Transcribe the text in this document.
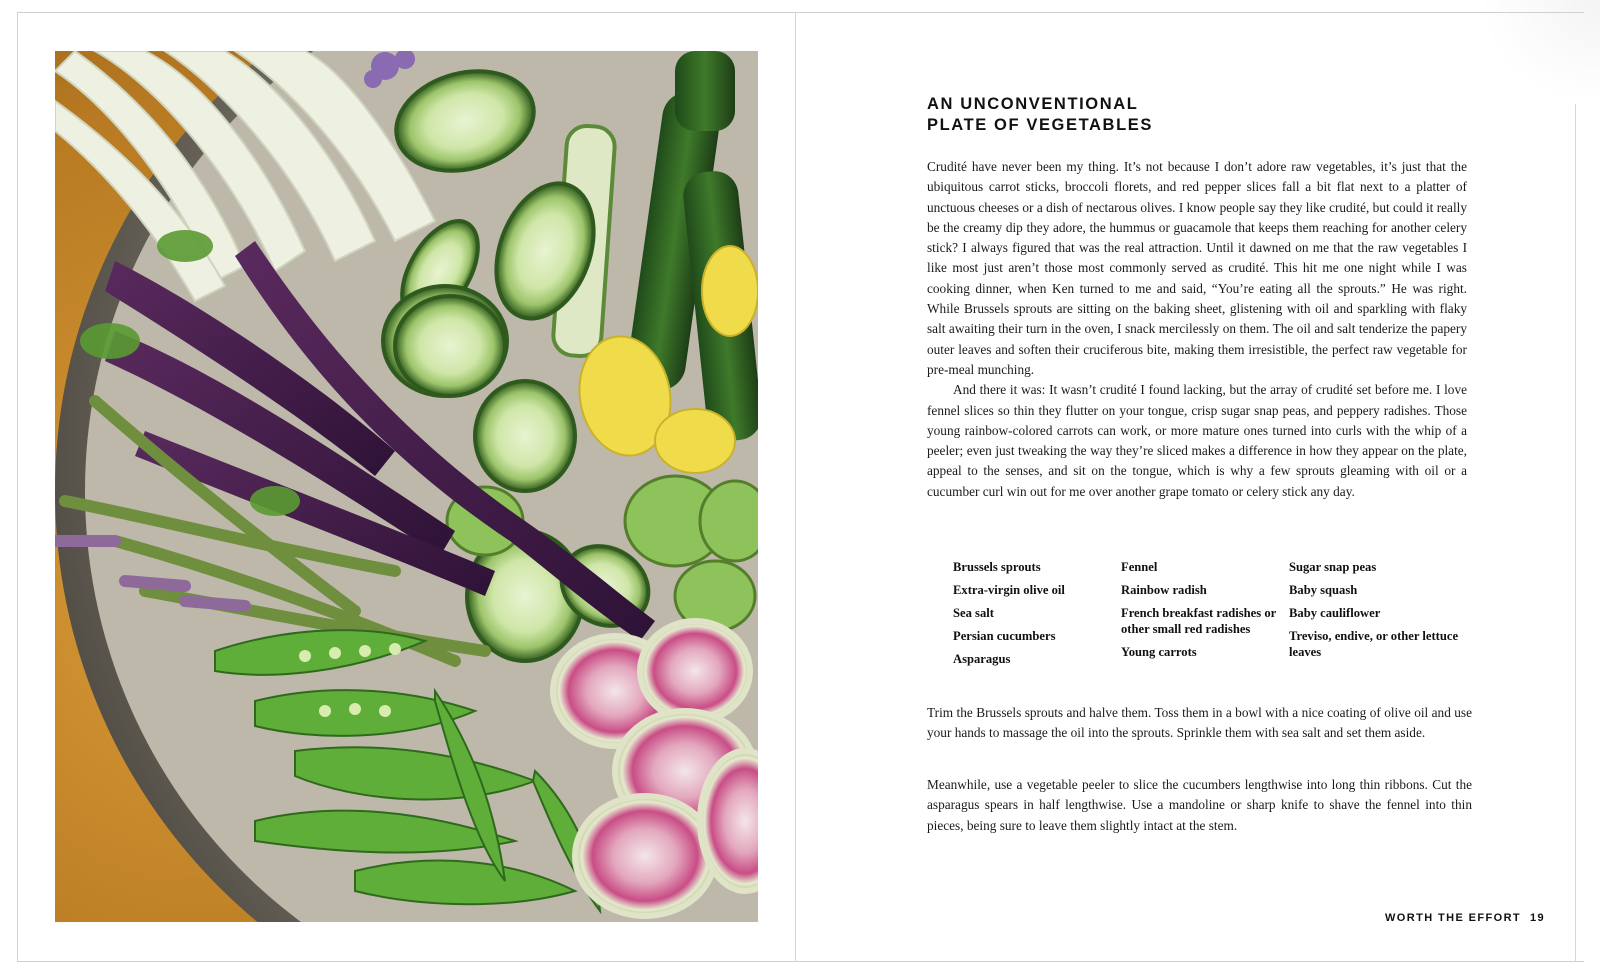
AN UNCONVENTIONAL
PLATE OF VEGETABLES

Crudité have never been my thing. It’s not because I don’t adore raw vegetables, it’s just that the ubiquitous carrot sticks, broccoli florets, and red pepper slices fall a bit flat next to a platter of unctuous cheeses or a dish of nectarous olives. I know people say they like crudité, but could it really be the creamy dip they adore, the hummus or guacamole that keeps them reaching for another celery stick? I always figured that was the real attraction. Until it dawned on me that the raw vegetables I like most just aren’t those most commonly served as crudité. This hit me one night while I was cooking dinner, when Ken turned to me and said, “You’re eating all the sprouts.” He was right. While Brussels sprouts are sitting on the baking sheet, glistening with oil and sparkling with flaky salt awaiting their turn in the oven, I snack mercilessly on them. The oil and salt tenderize the papery outer leaves and soften their cruciferous bite, making them irresistible, the perfect raw vegetable for pre-meal munching.

And there it was: It wasn’t crudité I found lacking, but the array of crudité set before me. I love fennel slices so thin they flutter on your tongue, crisp sugar snap peas, and peppery radishes. Those young rainbow-colored carrots can work, or more mature ones turned into curls with the whip of a peeler; even just tweaking the way they’re sliced makes a difference in how they appear on the plate, appeal to the senses, and sit on the tongue, which is why a few sprouts gleaming with oil or a cucumber curl win out for me over another grape tomato or celery stick any day.

Brussels sprouts
Extra-virgin olive oil
Sea salt
Persian cucumbers
Asparagus
Fennel
Rainbow radish
French breakfast radishes or other small red radishes
Young carrots
Sugar snap peas
Baby squash
Baby cauliflower
Treviso, endive, or other lettuce leaves

Trim the Brussels sprouts and halve them. Toss them in a bowl with a nice coating of olive oil and use your hands to massage the oil into the sprouts. Sprinkle them with sea salt and set them aside.

Meanwhile, use a vegetable peeler to slice the cucumbers lengthwise into long thin ribbons. Cut the asparagus spears in half lengthwise. Use a mandoline or sharp knife to shave the fennel into thin pieces, being sure to leave them slightly intact at the stem.

WORTH THE EFFORT 19
